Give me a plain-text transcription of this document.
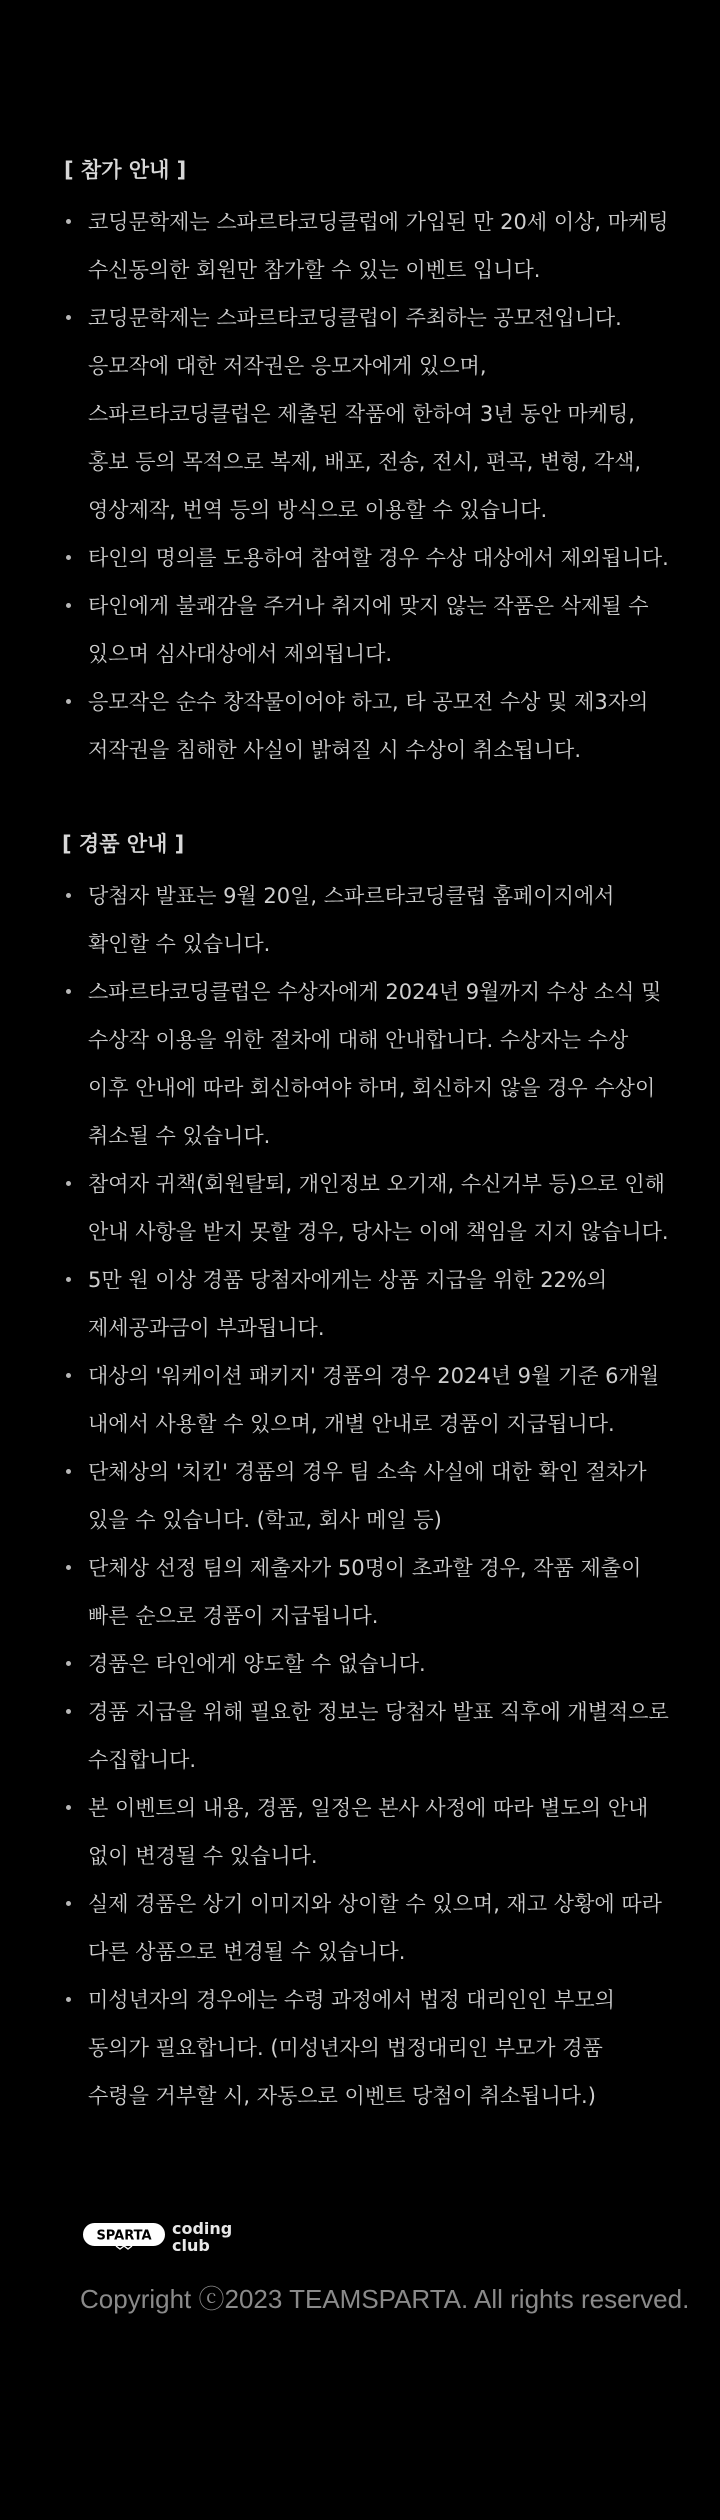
[ 참가 안내 ]
코딩문학제는 스파르타코딩클럽에 가입된 만 20세 이상, 마케팅 수신동의한 회원만 참가할 수 있는 이벤트 입니다.
코딩문학제는 스파르타코딩클럽이 주최하는 공모전입니다. 응모작에 대한 저작권은 응모자에게 있으며, 스파르타코딩클럽은 제출된 작품에 한하여 3년 동안 마케팅, 홍보 등의 목적으로 복제, 배포, 전송, 전시, 편곡, 변형, 각색, 영상제작, 번역 등의 방식으로 이용할 수 있습니다.
타인의 명의를 도용하여 참여할 경우 수상 대상에서 제외됩니다.
타인에게 불쾌감을 주거나 취지에 맞지 않는 작품은 삭제될 수 있으며 심사대상에서 제외됩니다.
응모작은 순수 창작물이어야 하고, 타 공모전 수상 및 제3자의 저작권을 침해한 사실이 밝혀질 시 수상이 취소됩니다.
[ 경품 안내 ]
당첨자 발표는 9월 20일, 스파르타코딩클럽 홈페이지에서 확인할 수 있습니다.
스파르타코딩클럽은 수상자에게 2024년 9월까지 수상 소식 및 수상작 이용을 위한 절차에 대해 안내합니다. 수상자는 수상 이후 안내에 따라 회신하여야 하며, 회신하지 않을 경우 수상이 취소될 수 있습니다.
참여자 귀책(회원탈퇴, 개인정보 오기재, 수신거부 등)으로 인해 안내 사항을 받지 못할 경우, 당사는 이에 책임을 지지 않습니다.
5만 원 이상 경품 당첨자에게는 상품 지급을 위한 22%의 제세공과금이 부과됩니다.
대상의 '워케이션 패키지' 경품의 경우 2024년 9월 기준 6개월 내에서 사용할 수 있으며, 개별 안내로 경품이 지급됩니다.
단체상의 '치킨' 경품의 경우 팀 소속 사실에 대한 확인 절차가 있을 수 있습니다. (학교, 회사 메일 등)
단체상 선정 팀의 제출자가 50명이 초과할 경우, 작품 제출이 빠른 순으로 경품이 지급됩니다.
경품은 타인에게 양도할 수 없습니다.
경품 지급을 위해 필요한 정보는 당첨자 발표 직후에 개별적으로 수집합니다.
본 이벤트의 내용, 경품, 일정은 본사 사정에 따라 별도의 안내 없이 변경될 수 있습니다.
실제 경품은 상기 이미지와 상이할 수 있으며, 재고 상황에 따라 다른 상품으로 변경될 수 있습니다.
미성년자의 경우에는 수령 과정에서 법정 대리인인 부모의 동의가 필요합니다. (미성년자의 법정대리인 부모가 경품 수령을 거부할 시, 자동으로 이벤트 당첨이 취소됩니다.)
SPARTA coding
club
Copyright ⓒ2023 TEAMSPARTA. All rights reserved.
